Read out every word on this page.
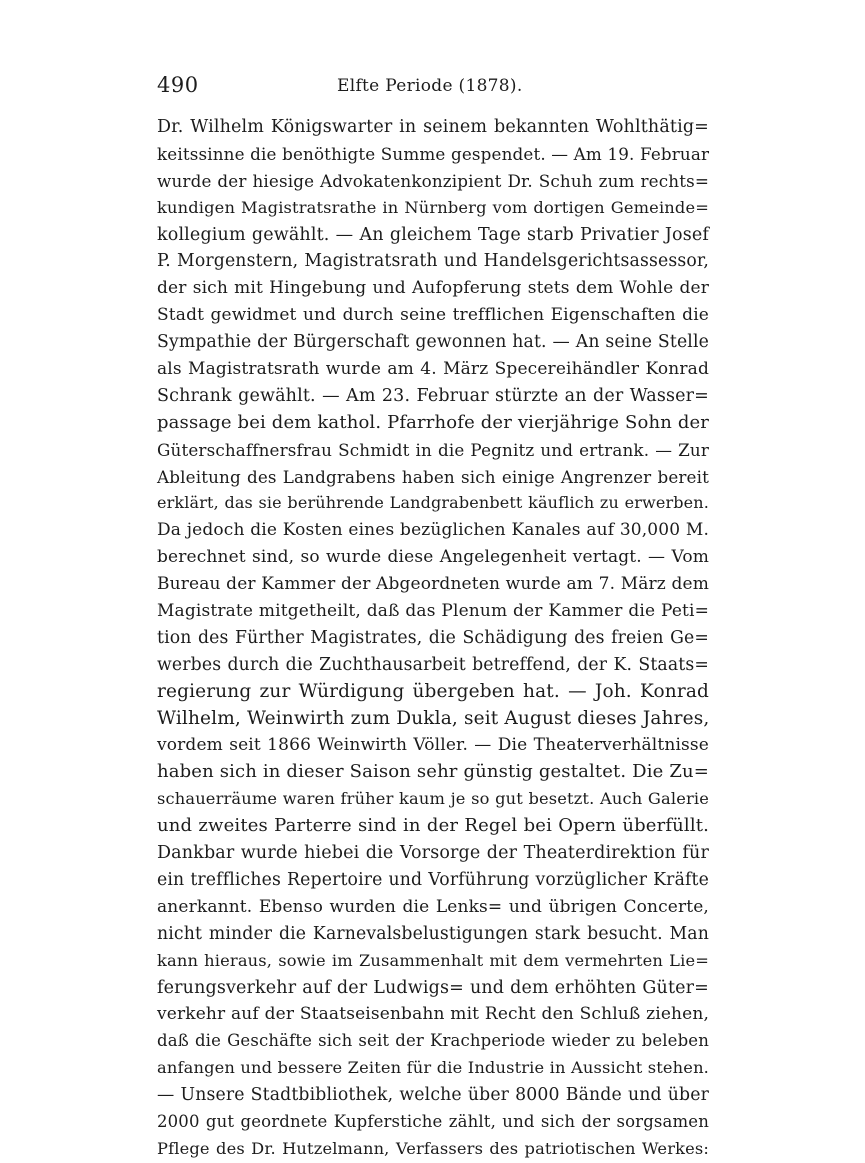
490	Elfte Periode (1878).
Dr. Wilhelm Königswarter in seinem bekannten Wohlthätig=
keitssinne die benöthigte Summe gespendet. — Am 19. Februar
wurde der hiesige Advokatenkonzipient Dr. Schuh zum rechts=
kundigen Magistratsrathe in Nürnberg vom dortigen Gemeinde=
kollegium gewählt. — An gleichem Tage starb Privatier Josef
P. Morgenstern, Magistratsrath und Handelsgerichtsassessor,
der sich mit Hingebung und Aufopferung stets dem Wohle der
Stadt gewidmet und durch seine trefflichen Eigenschaften die
Sympathie der Bürgerschaft gewonnen hat. — An seine Stelle
als Magistratsrath wurde am 4. März Specereihändler Konrad
Schrank gewählt. — Am 23. Februar stürzte an der Wasser=
passage bei dem kathol. Pfarrhofe der vierjährige Sohn der
Güterschaffnersfrau Schmidt in die Pegnitz und ertrank. — Zur
Ableitung des Landgrabens haben sich einige Angrenzer bereit
erklärt, das sie berührende Landgrabenbett käuflich zu erwerben.
Da jedoch die Kosten eines bezüglichen Kanales auf 30,000 M.
berechnet sind, so wurde diese Angelegenheit vertagt. — Vom
Bureau der Kammer der Abgeordneten wurde am 7. März dem
Magistrate mitgetheilt, daß das Plenum der Kammer die Peti=
tion des Fürther Magistrates, die Schädigung des freien Ge=
werbes durch die Zuchthausarbeit betreffend, der K. Staats=
regierung zur Würdigung übergeben hat. — Joh. Konrad
Wilhelm, Weinwirth zum Dukla, seit August dieses Jahres,
vordem seit 1866 Weinwirth Völler. — Die Theaterverhältnisse
haben sich in dieser Saison sehr günstig gestaltet. Die Zu=
schauerräume waren früher kaum je so gut besetzt. Auch Galerie
und zweites Parterre sind in der Regel bei Opern überfüllt.
Dankbar wurde hiebei die Vorsorge der Theaterdirektion für
ein treffliches Repertoire und Vorführung vorzüglicher Kräfte
anerkannt. Ebenso wurden die Lenks= und übrigen Concerte,
nicht minder die Karnevalsbelustigungen stark besucht. Man
kann hieraus, sowie im Zusammenhalt mit dem vermehrten Lie=
ferungsverkehr auf der Ludwigs= und dem erhöhten Güter=
verkehr auf der Staatseisenbahn mit Recht den Schluß ziehen,
daß die Geschäfte sich seit der Krachperiode wieder zu beleben
anfangen und bessere Zeiten für die Industrie in Aussicht stehen.
— Unsere Stadtbibliothek, welche über 8000 Bände und über
2000 gut geordnete Kupferstiche zählt, und sich der sorgsamen
Pflege des Dr. Hutzelmann, Verfassers des patriotischen Werkes:
